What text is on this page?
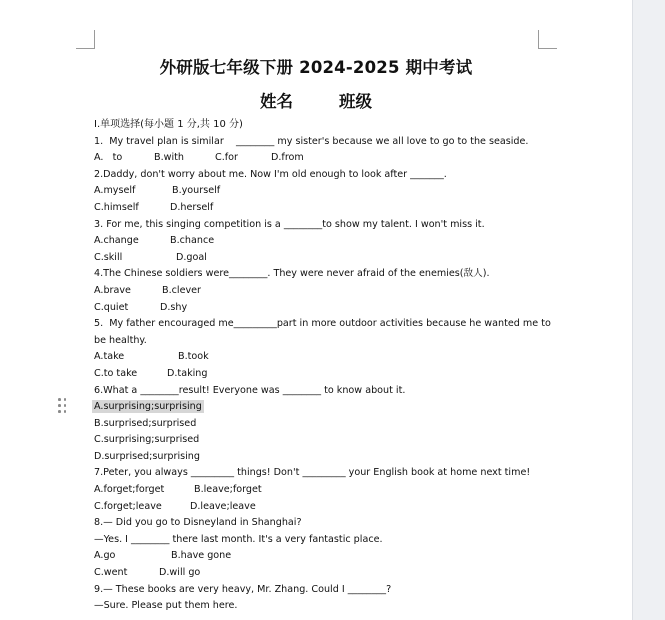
外研版七年级下册 2024-2025 期中考试
姓名	班级
Ⅰ.单项选择(每小题 1 分,共 10 分)
1.  My travel plan is similar    ________ my sister's because we all love to go to the seaside.
A.   to	B.with	C.for	D.from
2.Daddy, don't worry about me. Now I'm old enough to look after _______.
A.myself	B.yourself
C.himself	D.herself
3. For me, this singing competition is a ________to show my talent. I won't miss it.
A.change	B.chance
C.skill	D.goal
4.The Chinese soldiers were________. They were never afraid of the enemies(敌人).
A.brave	B.clever
C.quiet	D.shy
5.  My father encouraged me_________part in more outdoor activities because he wanted me to
be healthy.
A.take	B.took
C.to take	D.taking
6.What a ________result! Everyone was ________ to know about it.
A.surprising;surprising
B.surprised;surprised
C.surprising;surprised
D.surprised;surprising
7.Peter, you always _________ things! Don't _________ your English book at home next time!
A.forget;forget	B.leave;forget
C.forget;leave	D.leave;leave
8.— Did you go to Disneyland in Shanghai?
—Yes. I ________ there last month. It's a very fantastic place.
A.go	B.have gone
C.went	D.will go
9.— These books are very heavy, Mr. Zhang. Could I ________?
—Sure. Please put them here.
